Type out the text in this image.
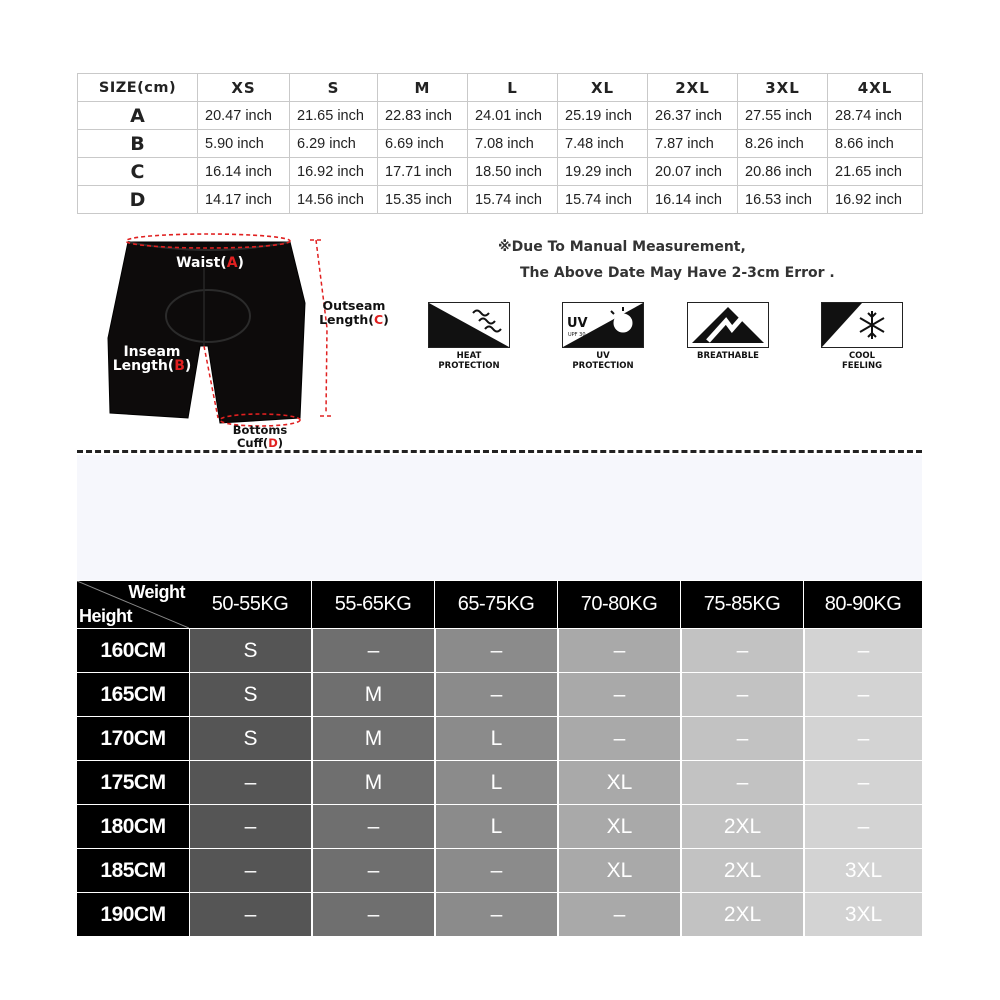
SIZE(cm)	XS	S	M	L	XL	2XL	3XL	4XL
A	20.47 inch	21.65 inch	22.83 inch	24.01 inch	25.19 inch	26.37 inch	27.55 inch	28.74 inch
B	5.90 inch	6.29 inch	6.69 inch	7.08 inch	7.48 inch	7.87 inch	8.26 inch	8.66 inch
C	16.14 inch	16.92 inch	17.71 inch	18.50 inch	19.29 inch	20.07 inch	20.86 inch	21.65 inch
D	14.17 inch	14.56 inch	15.35 inch	15.74 inch	15.74 inch	16.14 inch	16.53 inch	16.92 inch
Waist(A)
Inseam
Length(B)
Outseam
Length(C)
Bottoms
Cuff(D)
※Due To Manual Measurement,
The Above Date May Have 2-3cm Error .
HEAT
PROTECTION
UV
UPF 30
UV
PROTECTION
BREATHABLE	COOL
FEELING
Weight
Height
50-55KG	55-65KG	65-75KG	70-80KG	75-85KG	80-90KG
160CM	S	–	–	–	–	–
165CM	S	M	–	–	–	–
170CM	S	M	L	–	–	–
175CM	–	M	L	XL	–	–
180CM	–	–	L	XL	2XL	–
185CM	–	–	–	XL	2XL	3XL
190CM	–	–	–	–	2XL	3XL
